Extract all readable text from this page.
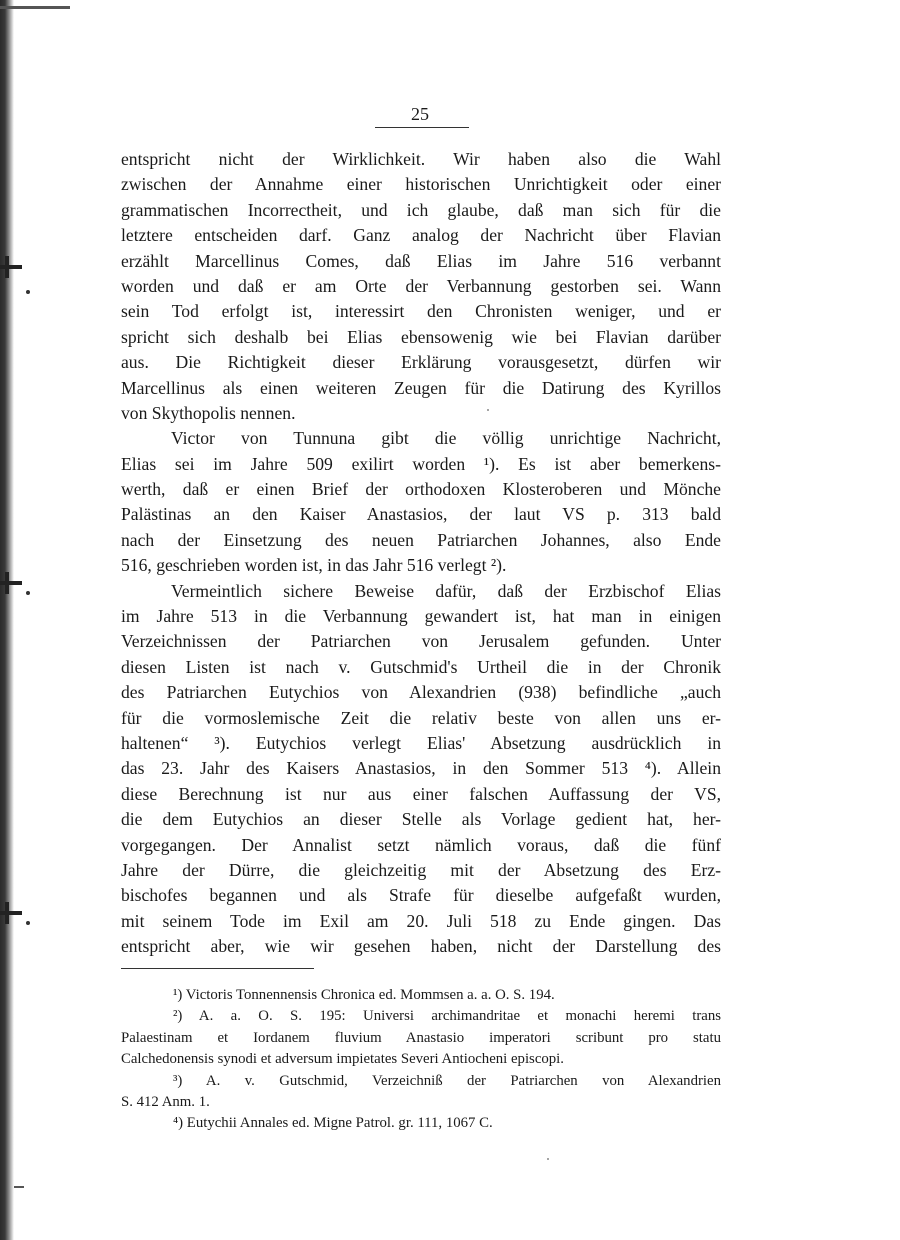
25
entspricht nicht der Wirklichkeit. Wir haben also die Wahl
zwischen der Annahme einer historischen Unrichtigkeit oder einer
grammatischen Incorrectheit, und ich glaube, daß man sich für die
letztere entscheiden darf. Ganz analog der Nachricht über Flavian
erzählt Marcellinus Comes, daß Elias im Jahre 516 verbannt
worden und daß er am Orte der Verbannung gestorben sei. Wann
sein Tod erfolgt ist, interessirt den Chronisten weniger, und er
spricht sich deshalb bei Elias ebensowenig wie bei Flavian darüber
aus. Die Richtigkeit dieser Erklärung vorausgesetzt, dürfen wir
Marcellinus als einen weiteren Zeugen für die Datirung des Kyrillos
von Skythopolis nennen.
Victor von Tunnuna gibt die völlig unrichtige Nachricht,
Elias sei im Jahre 509 exilirt worden ¹). Es ist aber bemerkens-
werth, daß er einen Brief der orthodoxen Klosteroberen und Mönche
Palästinas an den Kaiser Anastasios, der laut VS p. 313 bald
nach der Einsetzung des neuen Patriarchen Johannes, also Ende
516, geschrieben worden ist, in das Jahr 516 verlegt ²).
Vermeintlich sichere Beweise dafür, daß der Erzbischof Elias
im Jahre 513 in die Verbannung gewandert ist, hat man in einigen
Verzeichnissen der Patriarchen von Jerusalem gefunden. Unter
diesen Listen ist nach v. Gutschmid's Urtheil die in der Chronik
des Patriarchen Eutychios von Alexandrien (938) befindliche „auch
für die vormoslemische Zeit die relativ beste von allen uns er-
haltenen“ ³). Eutychios verlegt Elias' Absetzung ausdrücklich in
das 23. Jahr des Kaisers Anastasios, in den Sommer 513 ⁴). Allein
diese Berechnung ist nur aus einer falschen Auffassung der VS,
die dem Eutychios an dieser Stelle als Vorlage gedient hat, her-
vorgegangen. Der Annalist setzt nämlich voraus, daß die fünf
Jahre der Dürre, die gleichzeitig mit der Absetzung des Erz-
bischofes begannen und als Strafe für dieselbe aufgefaßt wurden,
mit seinem Tode im Exil am 20. Juli 518 zu Ende gingen. Das
entspricht aber, wie wir gesehen haben, nicht der Darstellung des
¹) Victoris Tonnennensis Chronica ed. Mommsen a. a. O. S. 194.
²) A. a. O. S. 195: Universi archimandritae et monachi heremi trans
Palaestinam et Iordanem fluvium Anastasio imperatori scribunt pro statu
Calchedonensis synodi et adversum impietates Severi Antiocheni episcopi.
³) A. v. Gutschmid, Verzeichniß der Patriarchen von Alexandrien
S. 412 Anm. 1.
⁴) Eutychii Annales ed. Migne Patrol. gr. 111, 1067 C.
